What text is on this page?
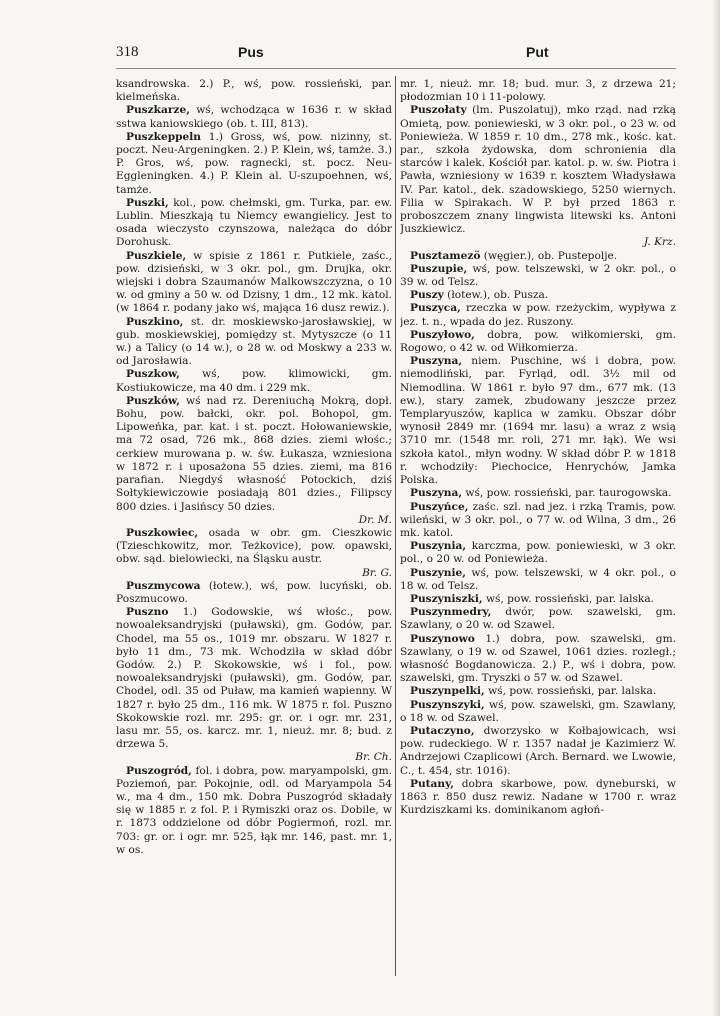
318	Pus	Put

ksandrowska. 2.) P., wś, pow. rossieński, par. kielmeńska.

Puszkarze, wś, wchodząca w 1636 r. w skład sstwa kaniowskiego (ob. t. III, 813).

Puszkeppeln 1.) Gross, wś, pow. nizinny, st. poczt. Neu-Argeningken. 2.) P. Klein, wś, tamże. 3.) P. Gros, wś, pow. ragnecki, st. pocz. Neu-Eggleningken. 4.) P. Klein al. U-szupoehnen, wś, tamże.

Puszki, kol., pow. chełmski, gm. Turka, par. ew. Lublin. Mieszkają tu Niemcy ewangielicy. Jest to osada wieczysto czynszowa, należąca do dóbr Dorohusk.

Puszkiele, w spisie z 1861 r. Putkiele, zaśc., pow. dzisieński, w 3 okr. pol., gm. Drujka, okr. wiejski i dobra Szaumanów Malkowszczyzna, o 10 w. od gminy a 50 w. od Dzisny, 1 dm., 12 mk. katol. (w 1864 r. podany jako wś, mająca 16 dusz rewiz.).

Puszkino, st. dr. moskiewsko-jarosławskiej, w gub. moskiewskiej, pomiędzy st. Mytyszcze (o 11 w.) a Talicy (o 14 w.), o 28 w. od Moskwy a 233 w. od Jarosławia.

Puszkow, wś, pow. klimowicki, gm. Kostiukowicze, ma 40 dm. i 229 mk.

Puszków, wś nad rz. Dereniuchą Mokrą, dopł. Bohu, pow. bałcki, okr. pol. Bohopol, gm. Lipoweńka, par. kat. i st. poczt. Hołowaniewskie, ma 72 osad, 726 mk., 868 dzies. ziemi włośc.; cerkiew murowana p. w. św. Łukasza, wzniesiona w 1872 r. i uposażona 55 dzies. ziemi, ma 816 parafian. Niegdyś własność Potockich, dziś Sołtykiewiczowie posiadają 801 dzies., Filipscy 800 dzies. i Jasińscy 50 dzies.
Dr. M.

Puszkowiec, osada w obr. gm. Cieszkowic (Tzieschkowitz, mor. Teżkovice), pow. opawski, obw. sąd. bielowiecki, na Śląsku austr.
Br. G.

Puszmycowa (łotew.), wś, pow. lucyński, ob. Poszmucowo.

Puszno 1.) Godowskie, wś włośc., pow. nowoaleksandryjski (puławski), gm. Godów, par. Chodel, ma 55 os., 1019 mr. obszaru. W 1827 r. było 11 dm., 73 mk. Wchodziła w skład dóbr Godów. 2.) P. Skokowskie, wś i fol., pow. nowoaleksandryjski (puławski), gm. Godów, par. Chodel, odl. 35 od Puław, ma kamień wapienny. W 1827 r. było 25 dm., 116 mk. W 1875 r. fol. Puszno Skokowskie rozl. mr. 295: gr. or. i ogr. mr. 231, lasu mr. 55, os. karcz. mr. 1, nieuż. mr. 8; bud. z drzewa 5.
Br. Ch.

Puszogród, fol. i dobra, pow. maryampolski, gm. Poziemoń, par. Pokojnie, odl. od Maryampola 54 w., ma 4 dm., 150 mk. Dobra Puszogród składały się w 1885 r. z fol. P. i Rymiszki oraz os. Dobile, w r. 1873 oddzielone od dóbr Pogiermoń, rozl. mr. 703: gr. or. i ogr. mr. 525, łąk mr. 146, past. mr. 1, w os.

mr. 1, nieuż. mr. 18; bud. mur. 3, z drzewa 21; płodozmian 10 i 11-polowy.

Puszołaty (lm. Puszolatuj), mko rząd. nad rzką Omietą, pow. poniewieski, w 3 okr. pol., o 23 w. od Poniewieża. W 1859 r. 10 dm., 278 mk., kośc. kat. par., szkoła żydowska, dom schronienia dla starców i kalek. Kościół par. katol. p. w. św. Piotra i Pawła, wzniesiony w 1639 r. kosztem Władysława IV. Par. katol., dek. szadowskiego, 5250 wiernych. Filia w Spirakach. W P. był przed 1863 r. proboszczem znany lingwista litewski ks. Antoni Juszkiewicz.
J. Krz.

Pusztamezö (węgier.), ob. Pustepolje.

Puszupie, wś, pow. telszewski, w 2 okr. pol., o 39 w. od Telsz.

Puszy (łotew.), ob. Pusza.

Puszyca, rzeczka w pow. rzeżyckim, wypływa z jez. t. n., wpada do jez. Ruszony.

Puszyłowo, dobra, pow. wiłkomierski, gm. Rogowo, o 42 w. od Wiłkomierza.

Puszyna, niem. Puschine, wś i dobra, pow. niemodliński, par. Fyrląd, odl. 3½ mil od Niemodlina. W 1861 r. było 97 dm., 677 mk. (13 ew.), stary zamek, zbudowany jeszcze przez Templaryuszów, kaplica w zamku. Obszar dóbr wynosił 2849 mr. (1694 mr. lasu) a wraz z wsią 3710 mr. (1548 mr. roli, 271 mr. łąk). We wsi szkoła katol., młyn wodny. W skład dóbr P. w 1818 r. wchodziły: Piechocice, Henrychów, Jamka Polska.

Puszyna, wś, pow. rossieński, par. taurogowska.

Puszyńce, zaśc. szl. nad jez. i rzką Tramis, pow. wileński, w 3 okr. pol., o 77 w. od Wilna, 3 dm., 26 mk. katol.

Puszynia, karczma, pow. poniewieski, w 3 okr. pol., o 20 w. od Poniewieża.

Puszynie, wś, pow. telszewski, w 4 okr. pol., o 18 w. od Telsz.

Puszyniszki, wś, pow. rossieński, par. lalska.

Puszynmedry, dwór, pow. szawelski, gm. Szawlany, o 20 w. od Szawel.

Puszynowo 1.) dobra, pow. szawelski, gm. Szawlany, o 19 w. od Szawel, 1061 dzies. rozległ.; własność Bogdanowicza. 2.) P., wś i dobra, pow. szawelski, gm. Tryszki o 57 w. od Szawel.

Puszynpelki, wś, pow. rossieński, par. lalska.

Puszynszyki, wś, pow. szawelski, gm. Szawlany, o 18 w. od Szawel.

Putaczyno, dworzysko w Kołbajowicach, wsi pow. rudeckiego. W r. 1357 nadał je Kazimierz W. Andrzejowi Czaplicowi (Arch. Bernard. we Lwowie, C., t. 454, str. 1016).

Putany, dobra skarbowe, pow. dyneburski, w 1863 r. 850 dusz rewiz. Nadane w 1700 r. wraz Kurdziszkami ks. dominikanom agłoń-
